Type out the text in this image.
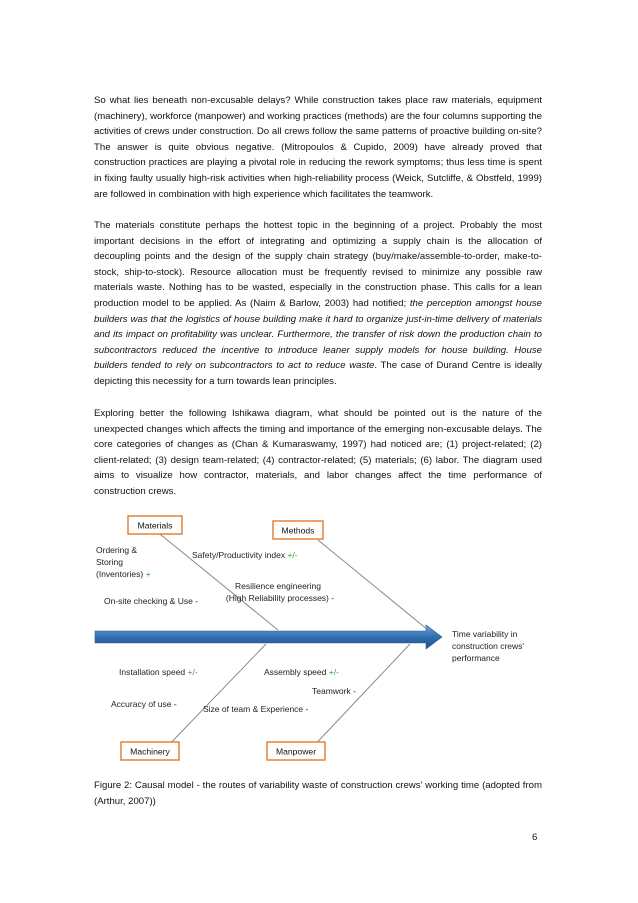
So what lies beneath non-excusable delays? While construction takes place raw materials, equipment (machinery), workforce (manpower) and working practices (methods) are the four columns supporting the activities of crews under construction. Do all crews follow the same patterns of proactive building on-site? The answer is quite obvious negative. (Mitropoulos & Cupido, 2009) have already proved that construction practices are playing a pivotal role in reducing the rework symptoms; thus less time is spent in fixing faulty usually high-risk activities when high-reliability process (Weick, Sutcliffe, & Obstfeld, 1999) are followed in combination with high experience which facilitates the teamwork.

The materials constitute perhaps the hottest topic in the beginning of a project. Probably the most important decisions in the effort of integrating and optimizing a supply chain is the allocation of decoupling points and the design of the supply chain strategy (buy/make/assemble-to-order, make-to-stock, ship-to-stock). Resource allocation must be frequently revised to minimize any possible raw materials waste. Nothing has to be wasted, especially in the construction phase. This calls for a lean production model to be applied. As (Naim & Barlow, 2003) had notified; the perception amongst house builders was that the logistics of house building make it hard to organize just-in-time delivery of materials and its impact on profitability was unclear. Furthermore, the transfer of risk down the production chain to subcontractors reduced the incentive to introduce leaner supply models for house building. House builders tended to rely on subcontractors to act to reduce waste. The case of Durand Centre is ideally depicting this necessity for a turn towards lean principles.

Exploring better the following Ishikawa diagram, what should be pointed out is the nature of the unexpected changes which affects the timing and importance of the emerging non-excusable delays. The core categories of changes as (Chan & Kumaraswamy, 1997) had noticed are; (1) project-related; (2) client-related; (3) design team-related; (4) contractor-related; (5) materials; (6) labor. The diagram used aims to visualize how contractor, materials, and labor changes affect the time performance of construction crews.

Materials	Methods
Machinery	Manpower
Ordering &
Storing
(Inventories) +
Safety/Productivity index +/-
On-site checking & Use -
Resilience engineering
(High Reliability processes) -
Time variability in
construction crews'
performance
Installation speed +/-	Assembly speed +/-
Teamwork -
Accuracy of use -	Size of team & Experience -

Figure 2: Causal model - the routes of variability waste of construction crews’ working time (adopted from (Arthur, 2007))

6
